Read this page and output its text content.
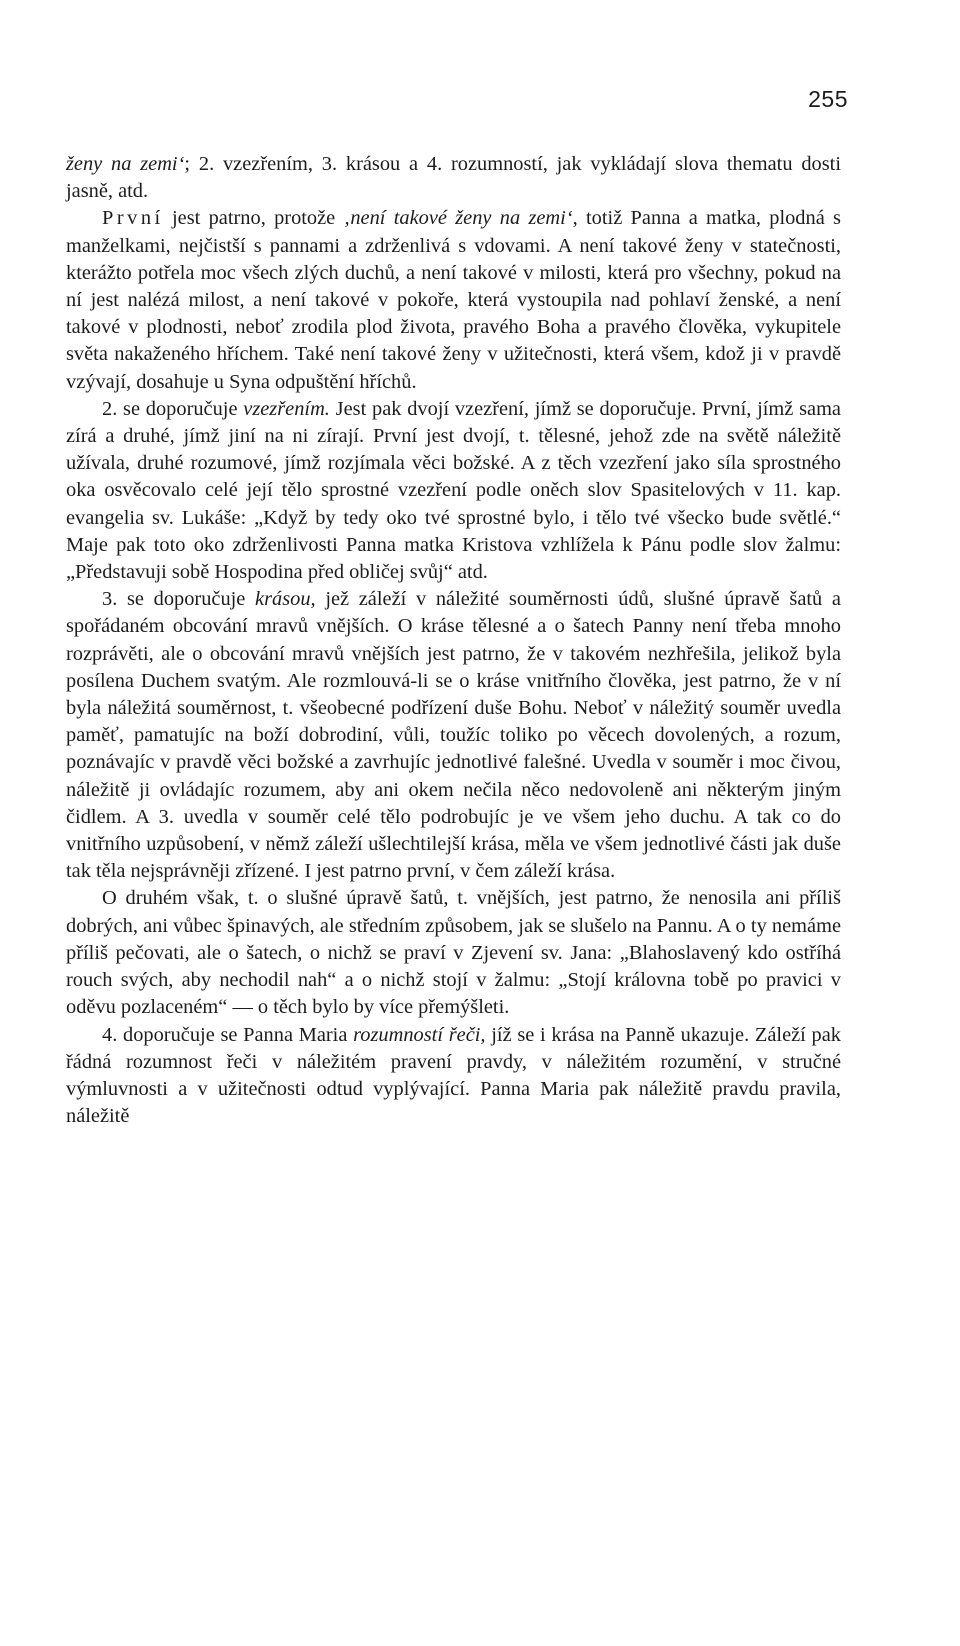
255

ženy na zemi‘; 2. vzezřením, 3. krásou a 4. rozumností, jak vykládají slova thematu dosti jasně, atd.

První jest patrno, protože ‚není takové ženy na zemi‘, totiž Panna a matka, plodná s manželkami, nejčistší s pannami a zdrženlivá s vdovami. A není takové ženy v statečnosti, kterážto potřela moc všech zlých duchů, a není takové v milosti, která pro všechny, pokud na ní jest nalézá milost, a není takové v pokoře, která vystoupila nad pohlaví ženské, a není takové v plodnosti, neboť zrodila plod života, pravého Boha a pravého člověka, vykupitele světa nakaženého hříchem. Také není takové ženy v užitečnosti, která všem, kdož ji v pravdě vzývají, dosahuje u Syna odpuštění hříchů.

2. se doporučuje vzezřením. Jest pak dvojí vzezření, jímž se doporučuje. První, jímž sama zírá a druhé, jímž jiní na ni zírají. První jest dvojí, t. tělesné, jehož zde na světě náležitě užívala, druhé rozumové, jímž rozjímala věci božské. A z těch vzezření jako síla sprostného oka osvěcovalo celé její tělo sprostné vzezření podle oněch slov Spasitelových v 11. kap. evangelia sv. Lukáše: „Když by tedy oko tvé sprostné bylo, i tělo tvé všecko bude světlé.“ Maje pak toto oko zdrženlivosti Panna matka Kristova vzhlížela k Pánu podle slov žalmu: „Představuji sobě Hospodina před obličej svůj“ atd.

3. se doporučuje krásou, jež záleží v náležité souměrnosti údů, slušné úpravě šatů a spořádaném obcování mravů vnějších. O kráse tělesné a o šatech Panny není třeba mnoho rozprávěti, ale o obcování mravů vnějších jest patrno, že v takovém nezhřešila, jelikož byla posílena Duchem svatým. Ale rozmlouvá-li se o kráse vnitřního člověka, jest patrno, že v ní byla náležitá souměrnost, t. všeobecné podřízení duše Bohu. Neboť v náležitý souměr uvedla paměť, pamatujíc na boží dobrodiní, vůli, toužíc toliko po věcech dovolených, a rozum, poznávajíc v pravdě věci božské a zavrhujíc jednotlivé falešné. Uvedla v souměr i moc čivou, náležitě ji ovládajíc rozumem, aby ani okem nečila něco nedovoleně ani některým jiným čidlem. A 3. uvedla v souměr celé tělo podrobujíc je ve všem jeho duchu. A tak co do vnitřního uzpůsobení, v němž záleží ušlechtilejší krása, měla ve všem jednotlivé části jak duše tak těla nejsprávněji zřízené. I jest patrno první, v čem záleží krása.

O druhém však, t. o slušné úpravě šatů, t. vnějších, jest patrno, že nenosila ani příliš dobrých, ani vůbec špinavých, ale středním způsobem, jak se slušelo na Pannu. A o ty nemáme příliš pečovati, ale o šatech, o nichž se praví v Zjevení sv. Jana: „Blahoslavený kdo ostříhá rouch svých, aby nechodil nah“ a o nichž stojí v žalmu: „Stojí královna tobě po pravici v oděvu pozlaceném“ — o těch bylo by více přemýšleti.

4. doporučuje se Panna Maria rozumností řeči, jíž se i krása na Panně ukazuje. Záleží pak řádná rozumnost řeči v náležitém pravení pravdy, v náležitém rozumění, v stručné výmluvnosti a v užitečnosti odtud vyplývající. Panna Maria pak náležitě pravdu pravila, náležitě
